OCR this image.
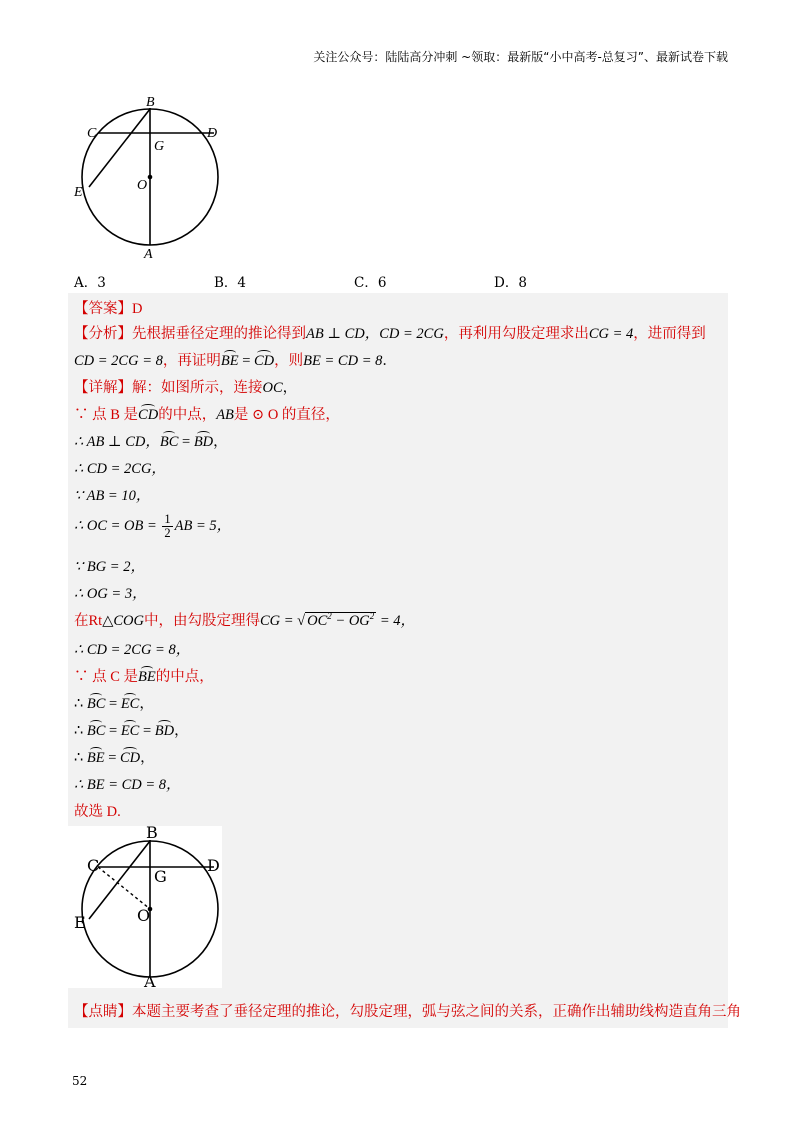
关注公众号：陆陆高分冲刺 ~领取：最新版“小中高考-总复习”、最新试卷下载
B
C	D
G
O
E
A
A．3	B．4	C．6	D．8
【答案】D
【分析】先根据垂径定理的推论得到AB ⊥ CD，CD = 2CG，再利用勾股定理求出CG = 4，进而得到
CD = 2CG = 8，再证明BE = CD，则BE = CD = 8．
【详解】解：如图所示，连接OC，
∵ 点 B 是CD的中点，AB是 ⊙ O 的直径，
∴ AB ⊥ CD，BC = BD，
∴ CD = 2CG，
∵ AB = 10，
∴ OC = OB = $\frac{1}{2}$ AB = 5，
∵ BG = 2，
∴ OG = 3，
在Rt△COG中，由勾股定理得CG = √ $OC^2 - OG^2 = 4$，
∴ CD = 2CG = 8，
∵ 点 C 是BE的中点，
∴ BC = EC，
∴ BC = EC = BD，
∴ BE = CD，
∴ BE = CD = 8，
故选 D.
B
C	D
G
O
E
A
【点睛】本题主要考查了垂径定理的推论，勾股定理，弧与弦之间的关系，正确作出辅助线构造直角三角
52
